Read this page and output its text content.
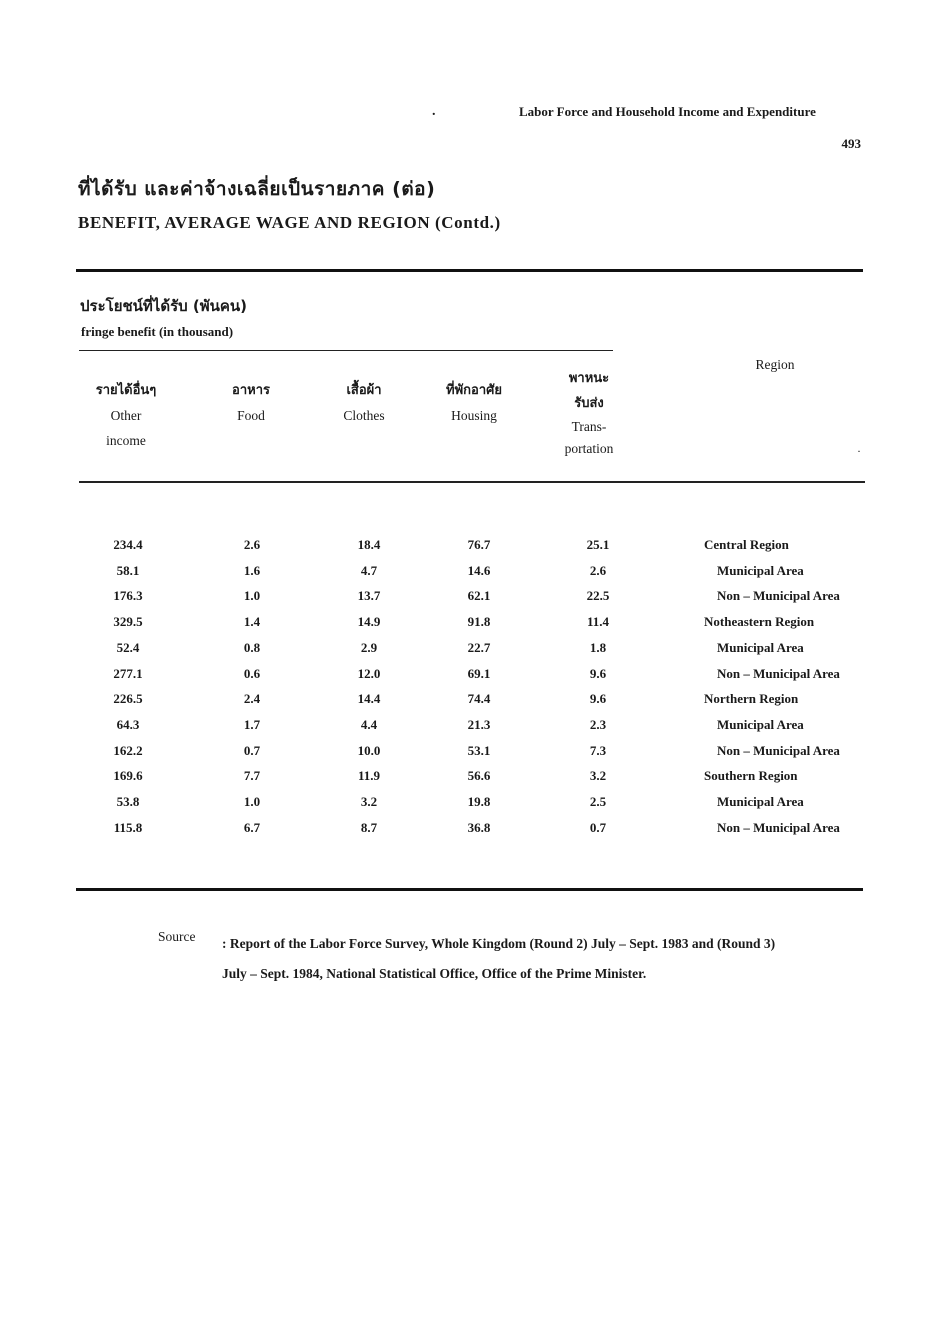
.	Labor Force and Household Income and Expenditure
493
ที่ได้รับ และค่าจ้างเฉลี่ยเป็นรายภาค (ต่อ)
BENEFIT, AVERAGE WAGE AND REGION (Contd.)
ประโยชน์ที่ได้รับ (พันคน)
fringe benefit (in thousand)
รายได้อื่นๆ
Other
income
อาหาร
Food
เสื้อผ้า
Clothes
ที่พักอาศัย
Housing
พาหนะ
รับส่ง
Trans-
portation
Region
·
234.4	2.6	18.4	76.7	25.1	Central Region
58.1	1.6	4.7	14.6	2.6	Municipal Area
176.3	1.0	13.7	62.1	22.5	Non – Municipal Area
329.5	1.4	14.9	91.8	11.4	Notheastern Region
52.4	0.8	2.9	22.7	1.8	Municipal Area
277.1	0.6	12.0	69.1	9.6	Non – Municipal Area
226.5	2.4	14.4	74.4	9.6	Northern Region
64.3	1.7	4.4	21.3	2.3	Municipal Area
162.2	0.7	10.0	53.1	7.3	Non – Municipal Area
169.6	7.7	11.9	56.6	3.2	Southern Region
53.8	1.0	3.2	19.8	2.5	Municipal Area
115.8	6.7	8.7	36.8	0.7	Non – Municipal Area
Source : Report of the Labor Force Survey, Whole Kingdom (Round 2) July – Sept. 1983 and (Round 3)
July – Sept. 1984, National Statistical Office, Office of the Prime Minister.
